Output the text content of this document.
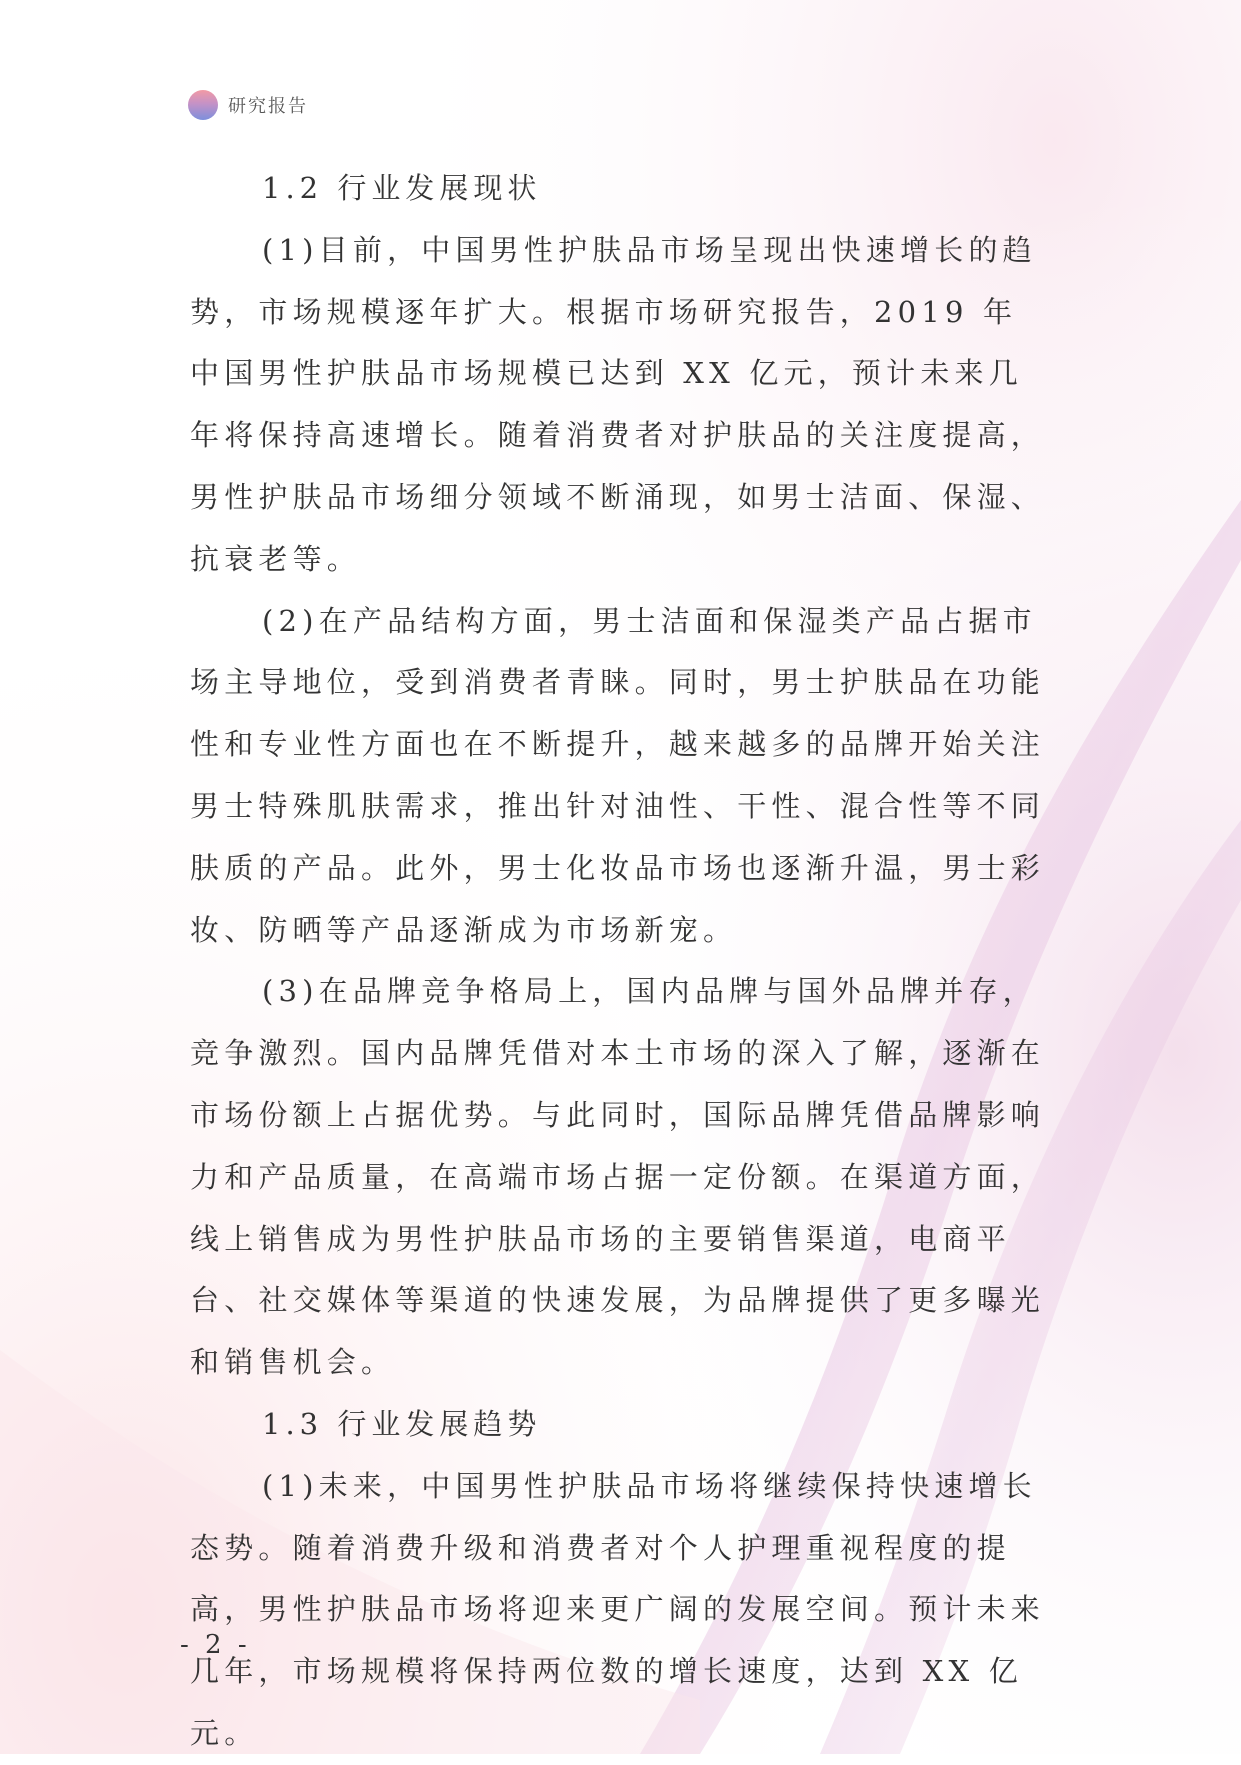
研究报告
1.2 行业发展现状

(1)目前，中国男性护肤品市场呈现出快速增长的趋势，市场规模逐年扩大。根据市场研究报告，2019 年中国男性护肤品市场规模已达到 XX 亿元，预计未来几年将保持高速增长。随着消费者对护肤品的关注度提高，男性护肤品市场细分领域不断涌现，如男士洁面、保湿、抗衰老等。

(2)在产品结构方面，男士洁面和保湿类产品占据市场主导地位，受到消费者青睐。同时，男士护肤品在功能性和专业性方面也在不断提升，越来越多的品牌开始关注男士特殊肌肤需求，推出针对油性、干性、混合性等不同肤质的产品。此外，男士化妆品市场也逐渐升温，男士彩妆、防晒等产品逐渐成为市场新宠。

(3)在品牌竞争格局上，国内品牌与国外品牌并存，竞争激烈。国内品牌凭借对本土市场的深入了解，逐渐在市场份额上占据优势。与此同时，国际品牌凭借品牌影响力和产品质量，在高端市场占据一定份额。在渠道方面，线上销售成为男性护肤品市场的主要销售渠道，电商平台、社交媒体等渠道的快速发展，为品牌提供了更多曝光和销售机会。

1.3 行业发展趋势

(1)未来，中国男性护肤品市场将继续保持快速增长态势。随着消费升级和消费者对个人护理重视程度的提高，男性护肤品市场将迎来更广阔的发展空间。预计未来几年，市场规模将保持两位数的增长速度，达到 XX 亿元。

- 2 -
